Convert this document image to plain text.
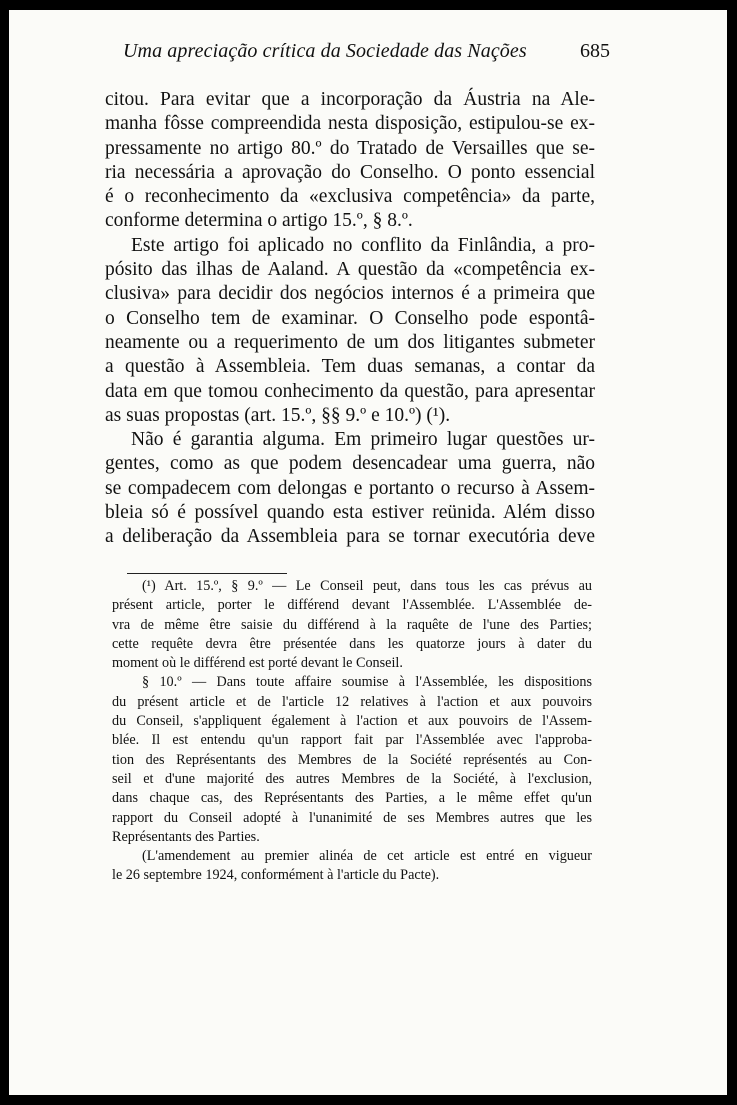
Uma apreciação crítica da Sociedade das Nações	685
citou. Para evitar que a incorporação da Áustria na Ale-
manha fôsse compreendida nesta disposição, estipulou-se ex-
pressamente no artigo 80.º do Tratado de Versailles que se-
ria necessária a aprovação do Conselho. O ponto essencial
é o reconhecimento da «exclusiva competência» da parte,
conforme determina o artigo 15.º, § 8.º.
Este artigo foi aplicado no conflito da Finlândia, a pro-
pósito das ilhas de Aaland. A questão da «competência ex-
clusiva» para decidir dos negócios internos é a primeira que
o Conselho tem de examinar. O Conselho pode espontâ-
neamente ou a requerimento de um dos litigantes submeter
a questão à Assembleia. Tem duas semanas, a contar da
data em que tomou conhecimento da questão, para apresentar
as suas propostas (art. 15.º, §§ 9.º e 10.º) (¹).
Não é garantia alguma. Em primeiro lugar questões ur-
gentes, como as que podem desencadear uma guerra, não
se compadecem com delongas e portanto o recurso à Assem-
bleia só é possível quando esta estiver reünida. Além disso
a deliberação da Assembleia para se tornar executória deve
(¹) Art. 15.º, § 9.º — Le Conseil peut, dans tous les cas prévus au
présent article, porter le différend devant l'Assemblée. L'Assemblée de-
vra de même être saisie du différend à la raquête de l'une des Parties;
cette requête devra être présentée dans les quatorze jours à dater du
moment où le différend est porté devant le Conseil.
§ 10.º — Dans toute affaire soumise à l'Assemblée, les dispositions
du présent article et de l'article 12 relatives à l'action et aux pouvoirs
du Conseil, s'appliquent également à l'action et aux pouvoirs de l'Assem-
blée. Il est entendu qu'un rapport fait par l'Assemblée avec l'approba-
tion des Représentants des Membres de la Société représentés au Con-
seil et d'une majorité des autres Membres de la Société, à l'exclusion,
dans chaque cas, des Représentants des Parties, a le même effet qu'un
rapport du Conseil adopté à l'unanimité de ses Membres autres que les
Représentants des Parties.
(L'amendement au premier alinéa de cet article est entré en vigueur
le 26 septembre 1924, conformément à l'article du Pacte).
